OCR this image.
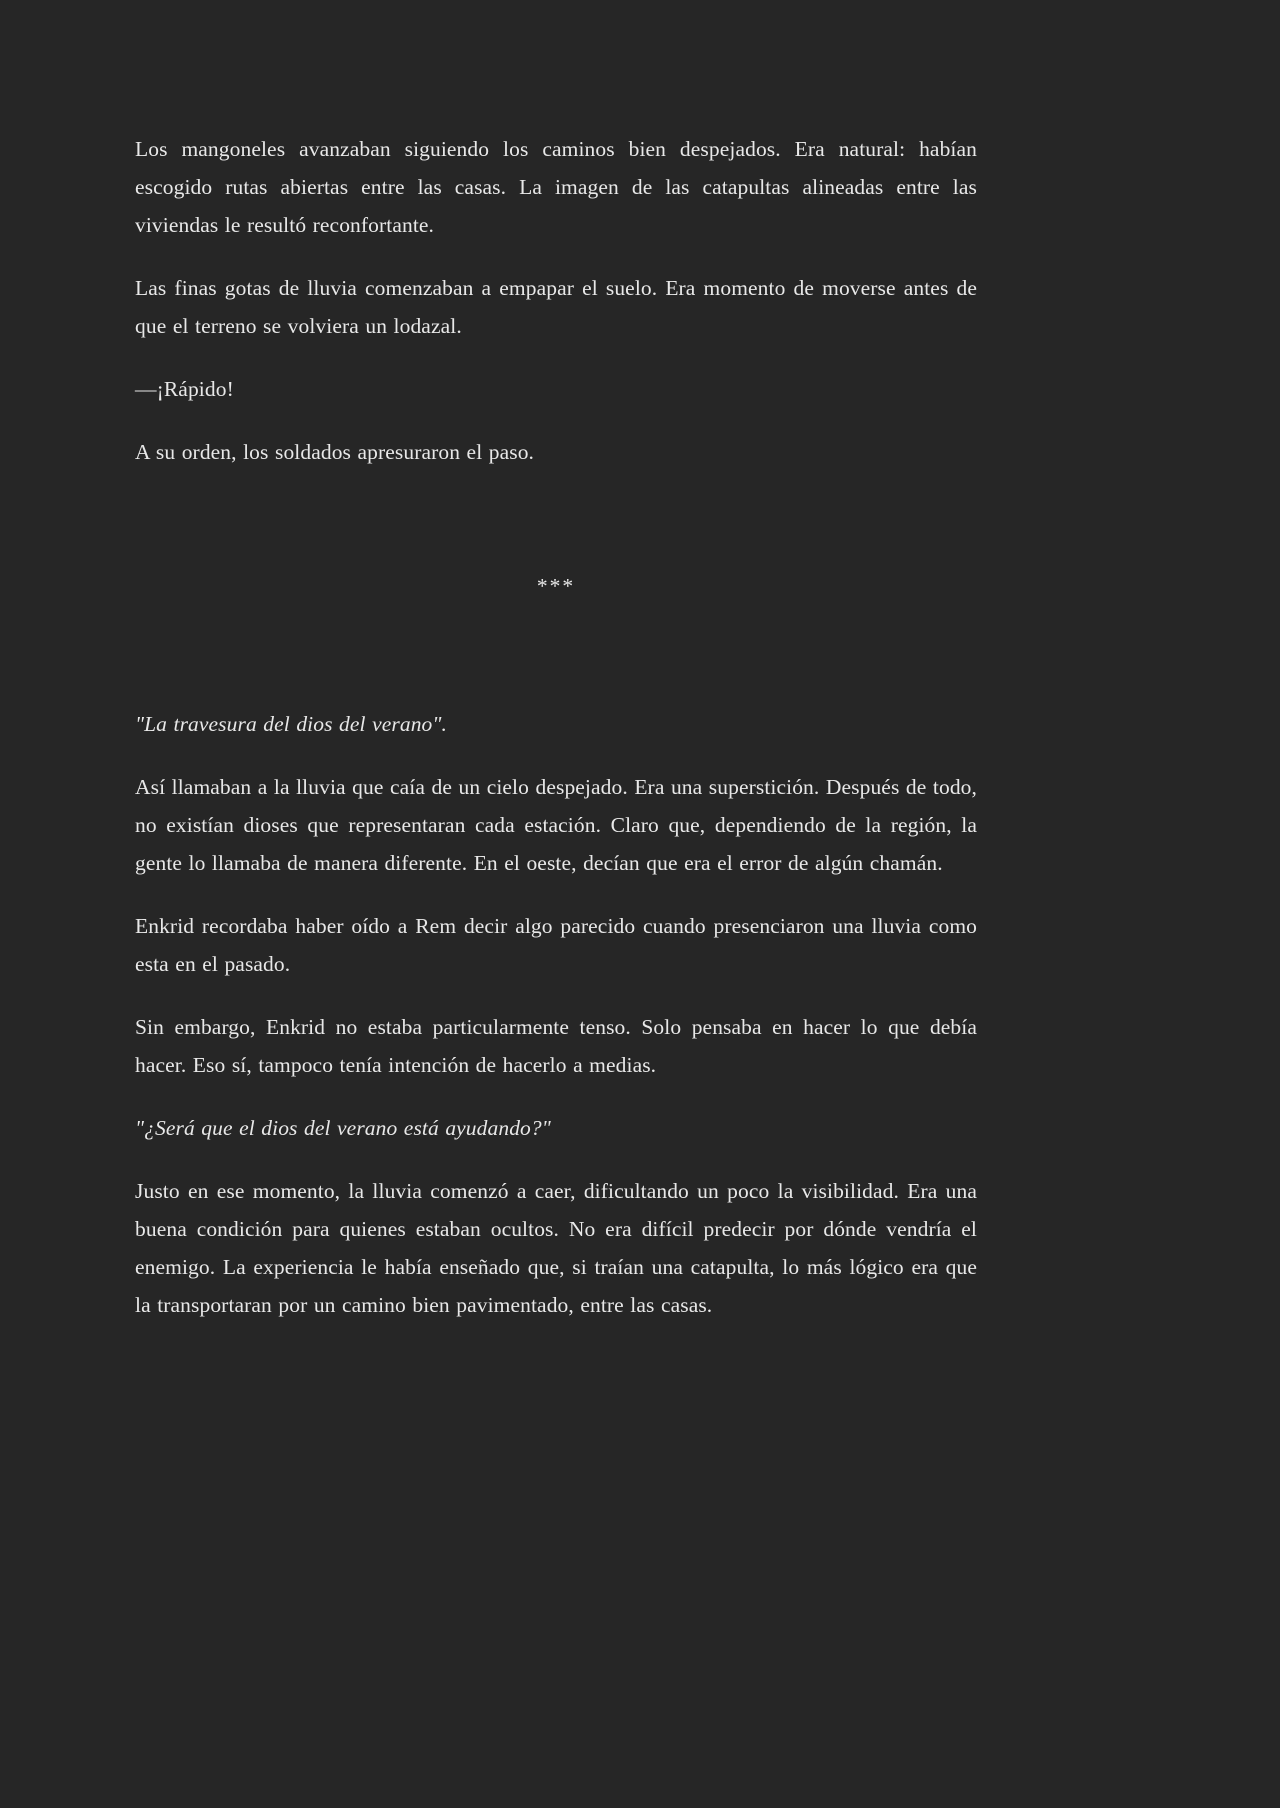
Los mangoneles avanzaban siguiendo los caminos bien despejados. Era natural: habían escogido rutas abiertas entre las casas. La imagen de las catapultas alineadas entre las viviendas le resultó reconfortante.

Las finas gotas de lluvia comenzaban a empapar el suelo. Era momento de moverse antes de que el terreno se volviera un lodazal.

—¡Rápido!

A su orden, los soldados apresuraron el paso.

***

"La travesura del dios del verano".

Así llamaban a la lluvia que caía de un cielo despejado. Era una superstición. Después de todo, no existían dioses que representaran cada estación. Claro que, dependiendo de la región, la gente lo llamaba de manera diferente. En el oeste, decían que era el error de algún chamán.

Enkrid recordaba haber oído a Rem decir algo parecido cuando presenciaron una lluvia como esta en el pasado.

Sin embargo, Enkrid no estaba particularmente tenso. Solo pensaba en hacer lo que debía hacer. Eso sí, tampoco tenía intención de hacerlo a medias.

"¿Será que el dios del verano está ayudando?"

Justo en ese momento, la lluvia comenzó a caer, dificultando un poco la visibilidad. Era una buena condición para quienes estaban ocultos. No era difícil predecir por dónde vendría el enemigo. La experiencia le había enseñado que, si traían una catapulta, lo más lógico era que la transportaran por un camino bien pavimentado, entre las casas.
